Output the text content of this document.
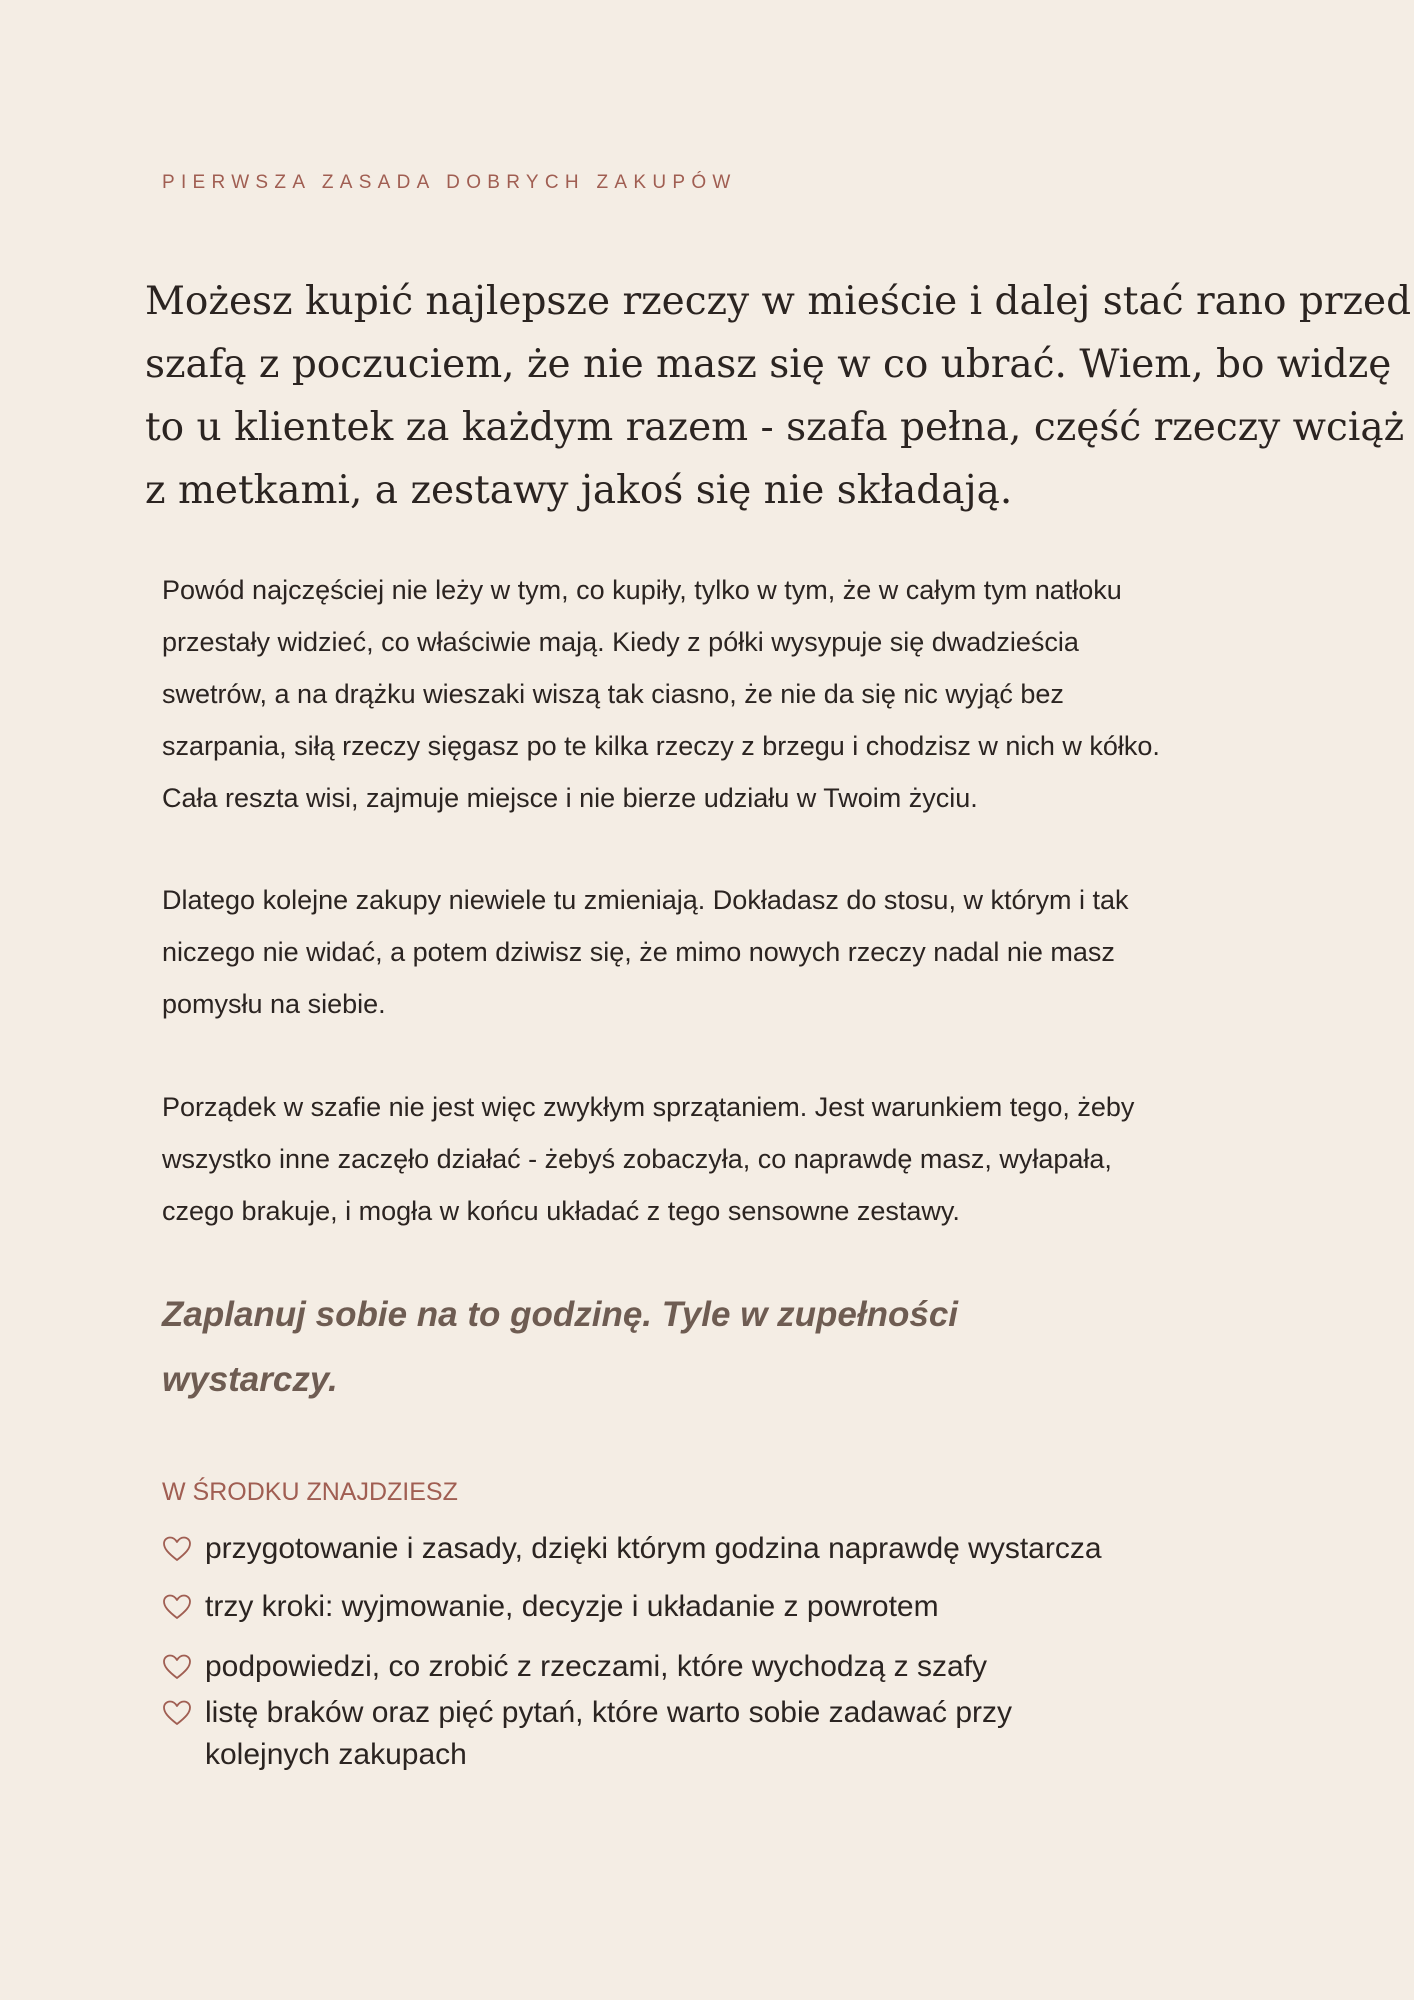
PIERWSZA ZASADA DOBRYCH ZAKUPÓW
Możesz kupić najlepsze rzeczy w mieście i dalej stać rano przed
szafą z poczuciem, że nie masz się w co ubrać. Wiem, bo widzę
to u klientek za każdym razem - szafa pełna, część rzeczy wciąż
z metkami, a zestawy jakoś się nie składają.
Powód najczęściej nie leży w tym, co kupiły, tylko w tym, że w całym tym natłoku
przestały widzieć, co właściwie mają. Kiedy z półki wysypuje się dwadzieścia
swetrów, a na drążku wieszaki wiszą tak ciasno, że nie da się nic wyjąć bez
szarpania, siłą rzeczy sięgasz po te kilka rzeczy z brzegu i chodzisz w nich w kółko.
Cała reszta wisi, zajmuje miejsce i nie bierze udziału w Twoim życiu.
Dlatego kolejne zakupy niewiele tu zmieniają. Dokładasz do stosu, w którym i tak
niczego nie widać, a potem dziwisz się, że mimo nowych rzeczy nadal nie masz
pomysłu na siebie.
Porządek w szafie nie jest więc zwykłym sprzątaniem. Jest warunkiem tego, żeby
wszystko inne zaczęło działać - żebyś zobaczyła, co naprawdę masz, wyłapała,
czego brakuje, i mogła w końcu układać z tego sensowne zestawy.
Zaplanuj sobie na to godzinę. Tyle w zupełności
wystarczy.
W ŚRODKU ZNAJDZIESZ
przygotowanie i zasady, dzięki którym godzina naprawdę wystarcza
trzy kroki: wyjmowanie, decyzje i układanie z powrotem
podpowiedzi, co zrobić z rzeczami, które wychodzą z szafy
listę braków oraz pięć pytań, które warto sobie zadawać przy
kolejnych zakupach
